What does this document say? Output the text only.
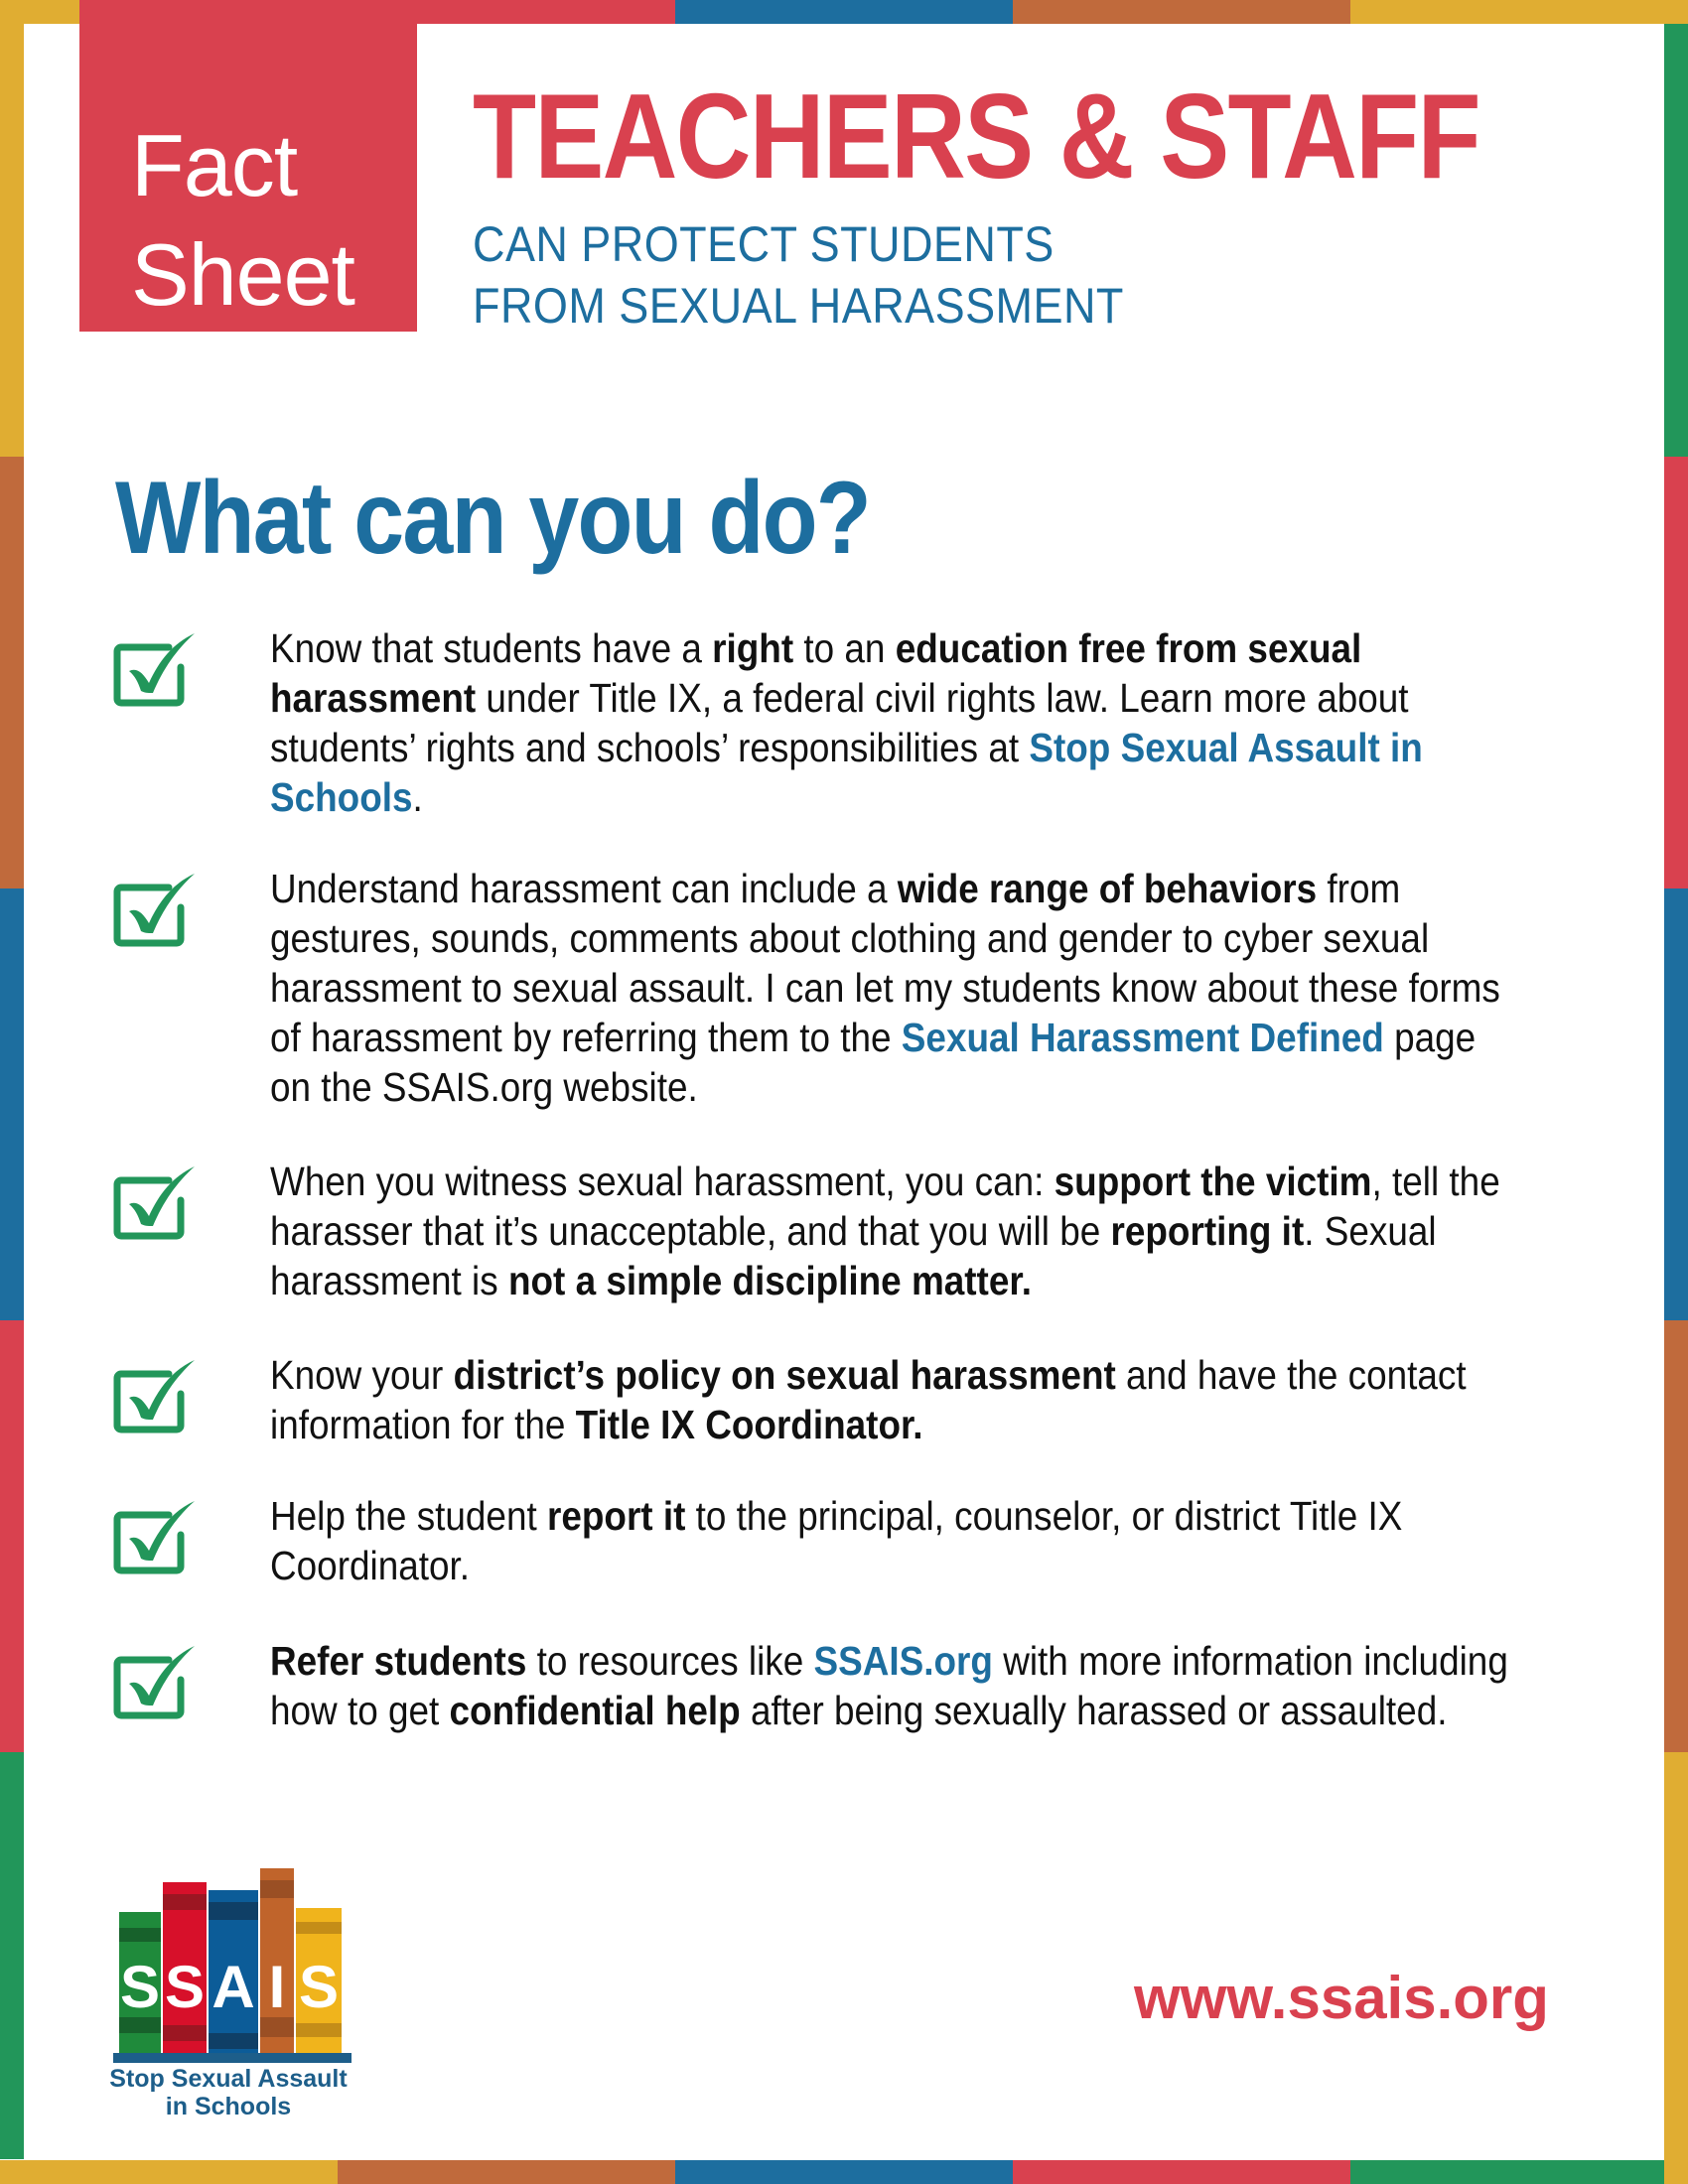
Fact
Sheet
TEACHERS & STAFF
CAN PROTECT STUDENTS
FROM SEXUAL HARASSMENT
What can you do?
Know that students have a right to an education free from sexual harassment under Title IX, a federal civil rights law. Learn more about students’ rights and schools’ responsibilities at Stop Sexual Assault in Schools.
Understand harassment can include a wide range of behaviors from gestures, sounds, comments about clothing and gender to cyber sexual harassment to sexual assault. I can let my students know about these forms of harassment by referring them to the Sexual Harassment Defined page on the SSAIS.org website.
When you witness sexual harassment, you can: support the victim, tell the harasser that it’s unacceptable, and that you will be reporting it. Sexual harassment is not a simple discipline matter.
Know your district’s policy on sexual harassment and have the contact information for the Title IX Coordinator.
Help the student report it to the principal, counselor, or district Title IX Coordinator.
Refer students to resources like SSAIS.org with more information including how to get confidential help after being sexually harassed or assaulted.
S S A I S
Stop Sexual Assault
in Schools
www.ssais.org
